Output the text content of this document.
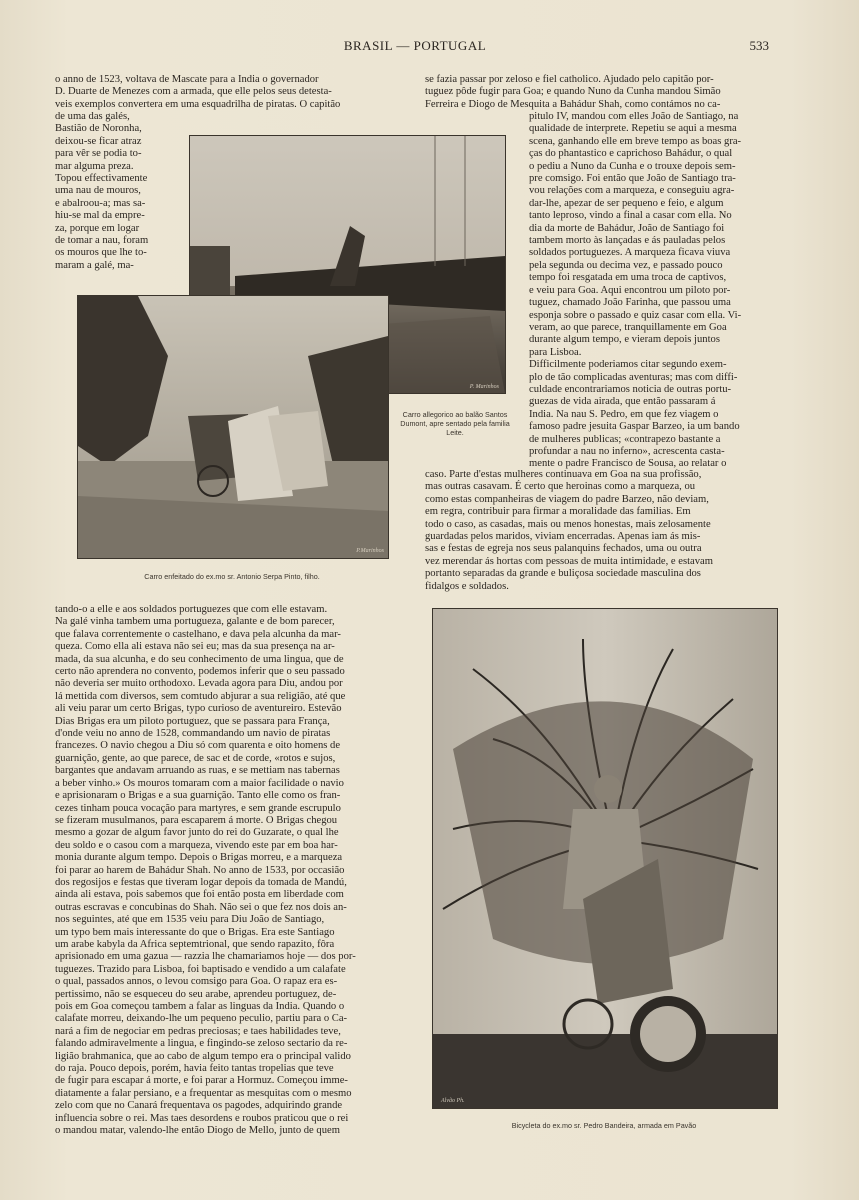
BRASIL — PORTUGAL	533

o anno de 1523, voltava de Mascate para a India o governador

D. Duarte de Menezes com a armada, que elle pelos seus detesta-

veis exemplos convertera em uma esquadrilha de piratas. O capitão

de uma das galés,

Bastião de Noronha,

deixou-se ficar atraz

para vêr se podia to-

mar alguma preza.

Topou effectivamente

uma nau de mouros,

e abalroou-a; mas sa-

hiu-se mal da empre-

za, porque em logar

de tomar a nau, foram

os mouros que lhe to-

maram a galé, ma-

se fazia passar por zeloso e fiel catholico. Ajudado pelo capitão por-

tuguez pôde fugir para Goa; e quando Nuno da Cunha mandou Simão

Ferreira e Diogo de Mesquita a Bahádur Shah, como contámos no ca-

pitulo IV, mandou com elles João de Santiago, na

qualidade de interprete. Repetiu se aqui a mesma

scena, ganhando elle em breve tempo as boas gra-

ças do phantastico e caprichoso Bahádur, o qual

o pediu a Nuno da Cunha e o trouxe depois sem-

pre comsigo. Foi então que João de Santiago tra-

vou relações com a marqueza, e conseguiu agra-

dar-lhe, apezar de ser pequeno e feio, e algum

tanto leproso, vindo a final a casar com ella. No

dia da morte de Bahádur, João de Santiago foi

tambem morto às lançadas e ás pauladas pelos

soldados portuguezes. A marqueza ficava viuva

pela segunda ou decima vez, e passado pouco

tempo foi resgatada em uma troca de captivos,

e veiu para Goa. Aqui encontrou um piloto por-

tuguez, chamado João Farinha, que passou uma

esponja sobre o passado e quiz casar com ella. Vi-

veram, ao que parece, tranquillamente em Goa

durante algum tempo, e vieram depois juntos

para Lisboa.

Difficilmente poderiamos citar segundo exem-

plo de tão complicadas aventuras; mas com diffi-

culdade encontrariamos noticia de outras portu-

guezas de vida airada, que então passaram á

India. Na nau S. Pedro, em que fez viagem o

famoso padre jesuita Gaspar Barzeo, ia um bando

de mulheres publicas; «contrapezo bastante a

profundar a nau no inferno», acrescenta casta-

mente o padre Francisco de Sousa, ao relatar o

caso. Parte d'estas mulheres continuava em Goa na sua profissão,

mas outras casavam. É certo que heroinas como a marqueza, ou

como estas companheiras de viagem do padre Barzeo, não deviam,

em regra, contribuir para firmar a moralidade das familias. Em

todo o caso, as casadas, mais ou menos honestas, mais zelosamente

guardadas pelos maridos, viviam encerradas. Apenas iam ás mis-

sas e festas de egreja nos seus palanquins fechados, uma ou outra

vez merendar ás hortas com pessoas de muita intimidade, e estavam

portanto separadas da grande e buliçosa sociedade masculina dos

fidalgos e soldados.

P. Marinhos
P.Marinhos
Carro allegorico ao balão Santos Dumont, apre sentado pela familia Leite.
Carro enfeitado do ex.mo sr. Antonio Serpa Pinto, filho.

tando-o a elle e aos soldados portuguezes que com elle estavam.

Na galé vinha tambem uma portugueza, galante e de bom parecer,

que falava correntemente o castelhano, e dava pela alcunha da mar-

queza. Como ella ali estava não sei eu; mas da sua presença na ar-

mada, da sua alcunha, e do seu conhecimento de uma lingua, que de

certo não aprendera no convento, podemos inferir que o seu passado

não deveria ser muito orthodoxo. Levada agora para Diu, andou por

lá mettida com diversos, sem comtudo abjurar a sua religião, até que

ali veiu parar um certo Brigas, typo curioso de aventureiro. Estevão

Dias Brigas era um piloto portuguez, que se passara para França,

d'onde veiu no anno de 1528, commandando um navio de piratas

francezes. O navio chegou a Diu só com quarenta e oito homens de

guarnição, gente, ao que parece, de sac et de corde, «rotos e sujos,

bargantes que andavam arruando as ruas, e se mettiam nas tabernas

a beber vinho.» Os mouros tomaram com a maior facilidade o navio

e aprisionaram o Brigas e a sua guarnição. Tanto elle como os fran-

cezes tinham pouca vocação para martyres, e sem grande escrupulo

se fizeram musulmanos, para escaparem á morte. O Brigas chegou

mesmo a gozar de algum favor junto do rei do Guzarate, o qual lhe

deu soldo e o casou com a marqueza, vivendo este par em boa har-

monia durante algum tempo. Depois o Brigas morreu, e a marqueza

foi parar ao harem de Bahádur Shah. No anno de 1533, por occasião

dos regosijos e festas que tiveram logar depois da tomada de Mandú,

ainda ali estava, pois sabemos que foi então posta em liberdade com

outras escravas e concubinas do Shah. Não sei o que fez nos dois an-

nos seguintes, até que em 1535 veiu para Diu João de Santiago,

um typo bem mais interessante do que o Brigas. Era este Santiago

um arabe kabyla da Africa septemtrional, que sendo rapazito, fôra

aprisionado em uma gazua — razzia lhe chamariamos hoje — dos por-

tuguezes. Trazido para Lisboa, foi baptisado e vendido a um calafate

o qual, passados annos, o levou comsigo para Goa. O rapaz era es-

pertissimo, não se esqueceu do seu arabe, aprendeu portuguez, de-

pois em Goa começou tambem a falar as linguas da India. Quando o

calafate morreu, deixando-lhe um pequeno peculio, partiu para o Ca-

nará a fim de negociar em pedras preciosas; e taes habilidades teve,

falando admiravelmente a lingua, e fingindo-se zeloso sectario da re-

ligião brahmanica, que ao cabo de algum tempo era o principal valido

do raja. Pouco depois, porém, havia feito tantas tropelias que teve

de fugir para escapar á morte, e foi parar a Hormuz. Começou imme-

diatamente a falar persiano, e a frequentar as mesquitas com o mesmo

zelo com que no Canará frequentava os pagodes, adquirindo grande

influencia sobre o rei. Mas taes desordens e roubos praticou que o rei

o mandou matar, valendo-lhe então Diogo de Mello, junto de quem

Alvão Ph.
Bicycleta do ex.mo sr. Pedro Bandeira, armada em Pavão
